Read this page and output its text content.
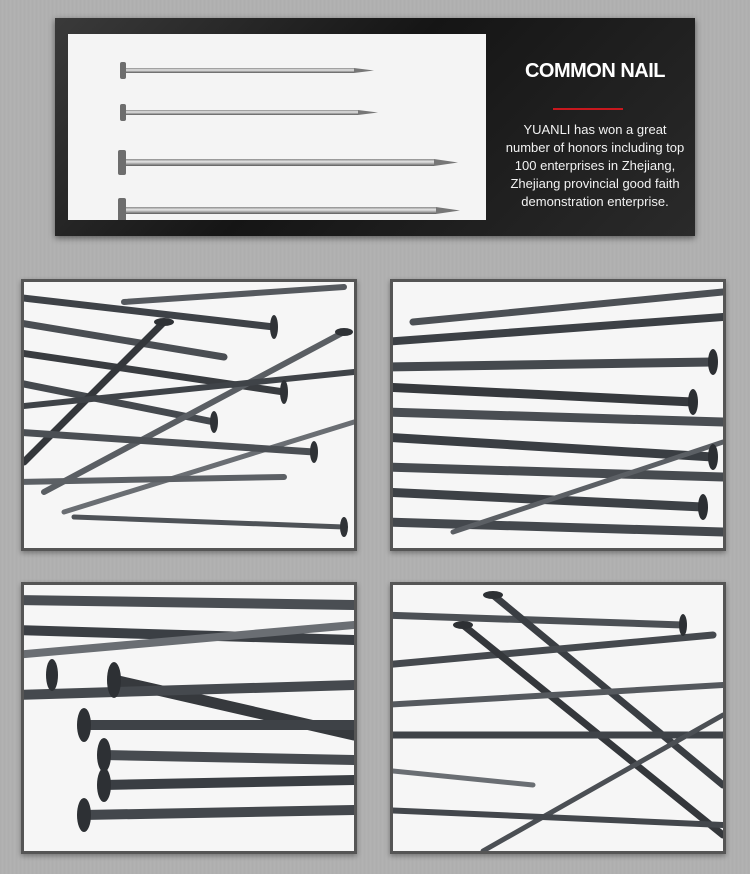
COMMON NAIL
YUANLI has won a great number of honors including top 100 enterprises in Zhejiang, Zhejiang provincial good faith demonstration enterprise.
